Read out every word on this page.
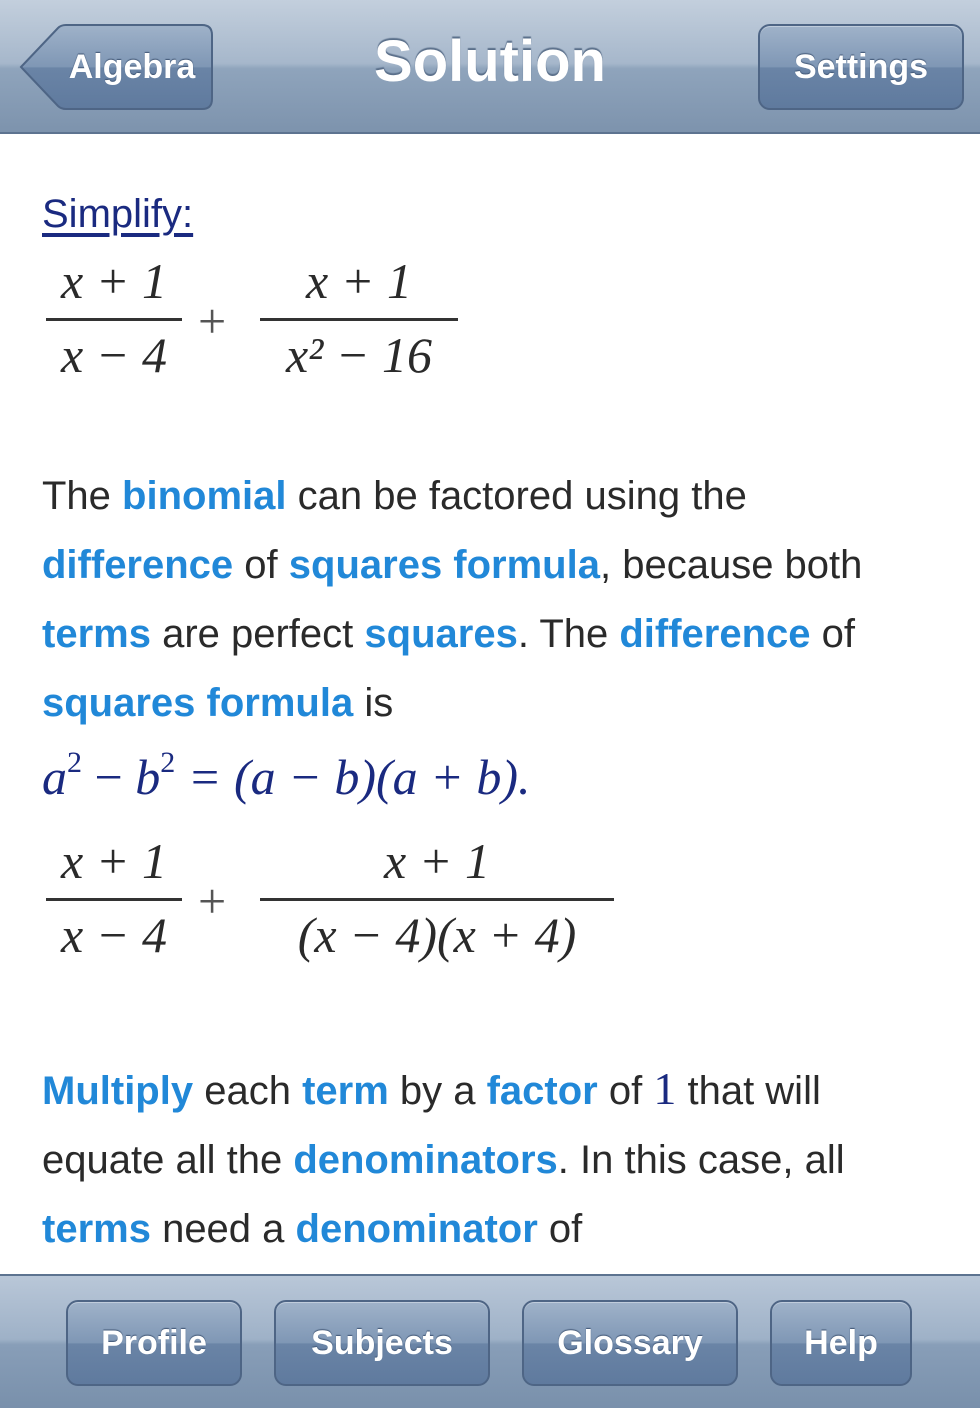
Algebra	Solution	Settings
Simplify:
x + 1
x − 4
+
x + 1
x² − 16
The binomial can be factored using the difference of squares formula, because both terms are perfect squares. The difference of squares formula is
$a^2 - b^2 = (a - b)(a + b)$.
x + 1
x − 4
+
x + 1
(x − 4)(x + 4)
Multiply each term by a factor of 1 that will equate all the denominators. In this case, all terms need a denominator of
Profile	Subjects	Glossary	Help
